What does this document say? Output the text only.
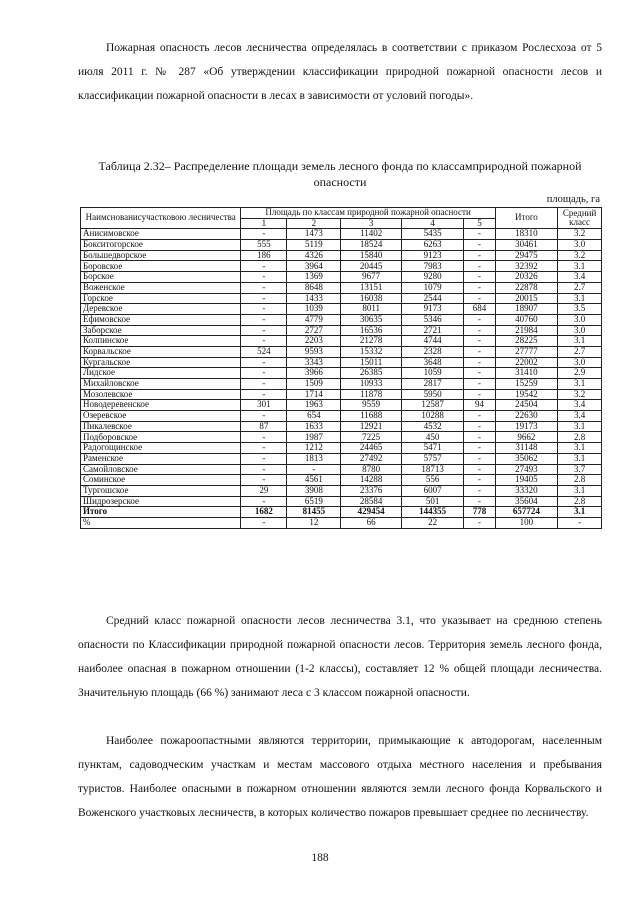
Пожарная опасность лесов лесничества определялась в соответствии с приказом Рослесхоза от 5 июля 2011 г. № 287 «Об утверждении классификации природной пожарной опасности лесов и классификации пожарной опасности в лесах в зависимости от условий погоды».

Таблица 2.32– Распределение площади земель лесного фонда по классамприродной пожарной опасности

площадь, га
Наимснованисучастковою лесничества	Площадь по классам природной пожарной опасности					Итого	Средний класс
	1	2	3	4	5		
Анисимовское	-	1473	11402	5435	-	18310	3.2
Бокситогорское	555	5119	18524	6263	-	30461	3.0
Большедворское	186	4326	15840	9123	-	29475	3.2
Боровское	-	3964	20445	7983	-	32392	3.1
Борское	-	1369	9677	9280	-	20326	3.4
Воженское	-	8648	13151	1079	-	22878	2.7
Горское	-	1433	16038	2544	-	20015	3.1
Деревское	-	1039	8011	9173	684	18907	3.5
Ефимовское	-	4779	30635	5346	-	40760	3.0
Заборское	-	2727	16536	2721	-	21984	3.0
Колпинское	-	2203	21278	4744	-	28225	3.1
Корвальское	524	9593	15332	2328	-	27777	2.7
Кургальское	-	3343	15011	3648	-	22002	3.0
Лидское	-	3966	26385	1059	-	31410	2.9
Михайловское	-	1509	10933	2817	-	15259	3.1
Мозолевское	-	1714	11878	5950	-	19542	3.2
Новодеревенское	301	1963	9559	12587	94	24504	3.4
Озеревское	-	654	11688	10288	-	22630	3.4
Пикалевское	87	1633	12921	4532	-	19173	3.1
Подборовское	-	1987	7225	450	-	9662	2.8
Радогощинское	-	1212	24465	5471	-	31148	3.1
Раменское	-	1813	27492	5757	-	35062	3.1
Самойловское	-	-	8780	18713	-	27493	3.7
Соминское	-	4561	14288	556	-	19405	2.8
Тургошское	29	3908	23376	6007	-	33320	3.1
Шидрозерское	-	6519	28584	501	-	35604	2.8
Итого	1682	81455	429454	144355	778	657724	3.1
%	-	12	66	22	-	100	-

Средний класс пожарной опасности лесов лесничества 3.1, что указывает на среднюю степень опасности по Классификации природной пожарной опасности лесов. Территория земель лесного фонда, наиболее опасная в пожарном отношении (1-2 классы), составляет 12 % общей площади лесничества. Значительную площадь (66 %) занимают леса с 3 классом пожарной опасности.

Наиболее пожароопастными являются территории, примыкающие к автодорогам, населенным пунктам, садоводческим участкам и местам массового отдыха местного населения и пребывания туристов. Наиболее опасными в пожарном отношении являются земли лесного фонда Корвальского и Воженского участковых лесничеств, в которых количество пожаров превышает среднее по лесничеству.

188
